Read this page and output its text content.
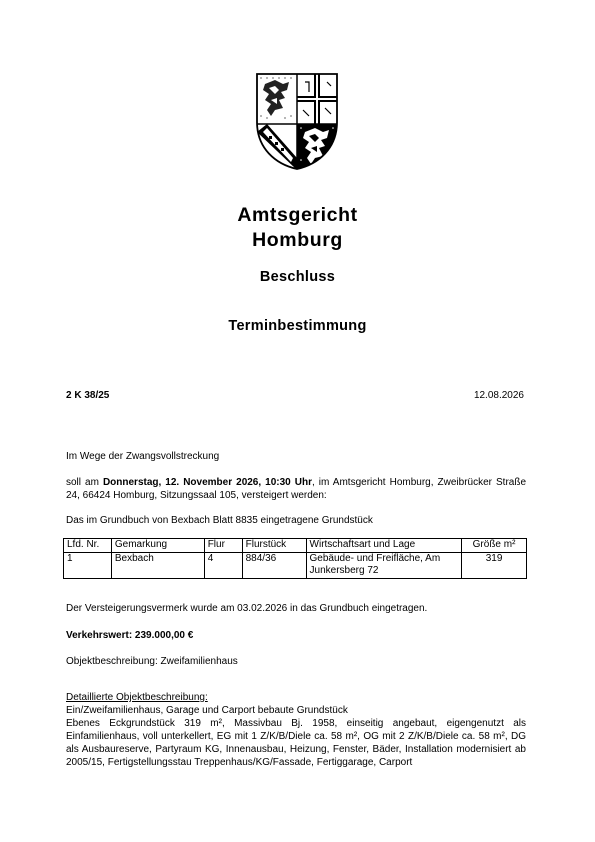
Amtsgericht
Homburg
Beschluss
Terminbestimmung
2 K 38/25	12.08.2026
Im Wege der Zwangsvollstreckung
soll am Donnerstag, 12. November 2026, 10:30 Uhr, im Amtsgericht Homburg, Zweibrücker Straße 24, 66424 Homburg, Sitzungssaal 105, versteigert werden:
Das im Grundbuch von Bexbach Blatt 8835 eingetragene Grundstück
Lfd. Nr.	Gemarkung	Flur	Flurstück	Wirtschaftsart und Lage	Größe m²
1	Bexbach	4	884/36	Gebäude- und Freifläche, Am Junkersberg 72	319
Der Versteigerungsvermerk wurde am 03.02.2026 in das Grundbuch eingetragen.
Verkehrswert: 239.000,00 €
Objektbeschreibung: Zweifamilienhaus
Detaillierte Objektbeschreibung:
Ein/Zweifamilienhaus, Garage und Carport bebaute Grundstück
Ebenes Eckgrundstück 319 m², Massivbau Bj. 1958, einseitig angebaut, eigengenutzt als Einfamilienhaus, voll unterkellert, EG mit 1 Z/K/B/Diele ca. 58 m², OG mit 2 Z/K/B/Diele ca. 58 m², DG als Ausbaureserve, Partyraum KG, Innenausbau, Heizung, Fenster, Bäder, Installation modernisiert ab 2005/15, Fertigstellungsstau Treppenhaus/KG/Fassade, Fertiggarage, Carport
